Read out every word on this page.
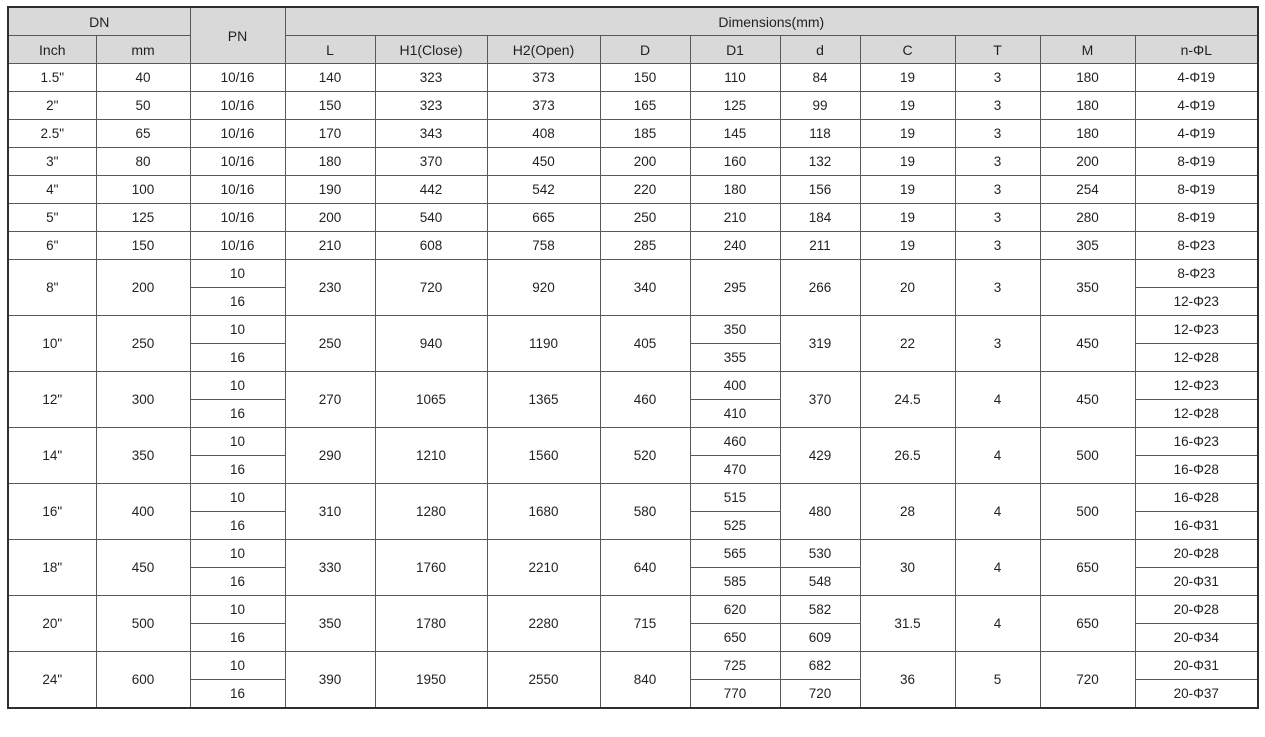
DN		PN	Dimensions(mm)									
Inch	mm		L	H1(Close)	H2(Open)	D	D1	d	C	T	M	n-ΦL
1.5"	40	10/16	140	323	373	150	110	84	19	3	180	4-Φ19
2"	50	10/16	150	323	373	165	125	99	19	3	180	4-Φ19
2.5"	65	10/16	170	343	408	185	145	118	19	3	180	4-Φ19
3"	80	10/16	180	370	450	200	160	132	19	3	200	8-Φ19
4"	100	10/16	190	442	542	220	180	156	19	3	254	8-Φ19
5"	125	10/16	200	540	665	250	210	184	19	3	280	8-Φ19
6"	150	10/16	210	608	758	285	240	211	19	3	305	8-Φ23
8"	200	10	230	720	920	340	295	266	20	3	350	8-Φ23
		16										12-Φ23
10"	250	10	250	940	1190	405	350	319	22	3	450	12-Φ23
		16					355					12-Φ28
12"	300	10	270	1065	1365	460	400	370	24.5	4	450	12-Φ23
		16					410					12-Φ28
14"	350	10	290	1210	1560	520	460	429	26.5	4	500	16-Φ23
		16					470					16-Φ28
16"	400	10	310	1280	1680	580	515	480	28	4	500	16-Φ28
		16					525					16-Φ31
18"	450	10	330	1760	2210	640	565	530	30	4	650	20-Φ28
		16					585	548				20-Φ31
20"	500	10	350	1780	2280	715	620	582	31.5	4	650	20-Φ28
		16					650	609				20-Φ34
24"	600	10	390	1950	2550	840	725	682	36	5	720	20-Φ31
		16					770	720				20-Φ37
